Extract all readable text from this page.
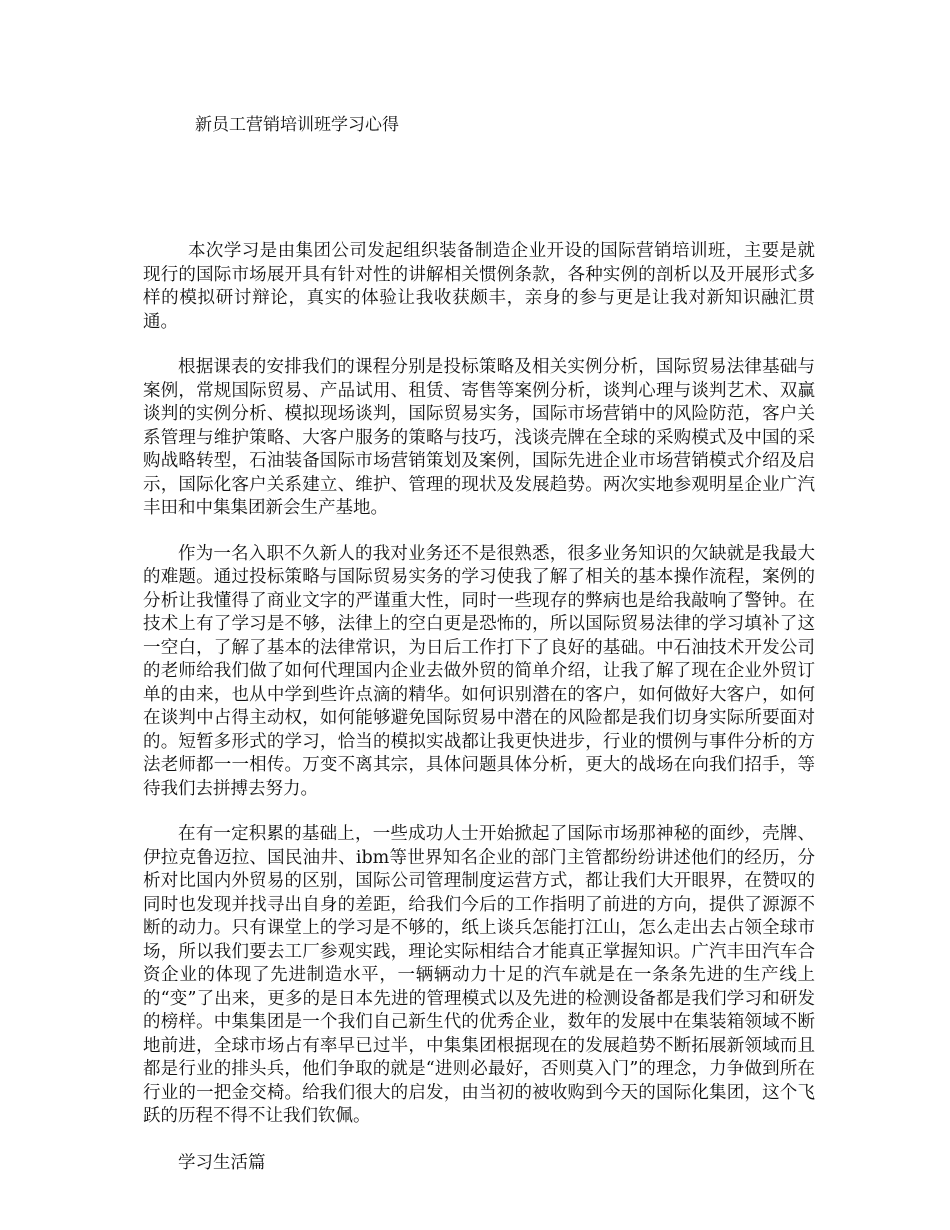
新员工营销培训班学习心得

本次学习是由集团公司发起组织装备制造企业开设的国际营销培训班，主要是就现行的国际市场展开具有针对性的讲解相关惯例条款，各种实例的剖析以及开展形式多样的模拟研讨辩论，真实的体验让我收获颇丰，亲身的参与更是让我对新知识融汇贯通。

根据课表的安排我们的课程分别是投标策略及相关实例分析，国际贸易法律基础与案例，常规国际贸易、产品试用、租赁、寄售等案例分析，谈判心理与谈判艺术、双赢谈判的实例分析、模拟现场谈判，国际贸易实务，国际市场营销中的风险防范，客户关系管理与维护策略、大客户服务的策略与技巧，浅谈壳牌在全球的采购模式及中国的采购战略转型，石油装备国际市场营销策划及案例，国际先进企业市场营销模式介绍及启示，国际化客户关系建立、维护、管理的现状及发展趋势。两次实地参观明星企业广汽丰田和中集集团新会生产基地。

作为一名入职不久新人的我对业务还不是很熟悉，很多业务知识的欠缺就是我最大的难题。通过投标策略与国际贸易实务的学习使我了解了相关的基本操作流程，案例的分析让我懂得了商业文字的严谨重大性，同时一些现存的弊病也是给我敲响了警钟。在技术上有了学习是不够，法律上的空白更是恐怖的，所以国际贸易法律的学习填补了这一空白，了解了基本的法律常识，为日后工作打下了良好的基础。中石油技术开发公司的老师给我们做了如何代理国内企业去做外贸的简单介绍，让我了解了现在企业外贸订单的由来，也从中学到些许点滴的精华。如何识别潜在的客户，如何做好大客户，如何在谈判中占得主动权，如何能够避免国际贸易中潜在的风险都是我们切身实际所要面对的。短暂多形式的学习，恰当的模拟实战都让我更快进步，行业的惯例与事件分析的方法老师都一一相传。万变不离其宗，具体问题具体分析，更大的战场在向我们招手，等待我们去拼搏去努力。

在有一定积累的基础上，一些成功人士开始掀起了国际市场那神秘的面纱，壳牌、伊拉克鲁迈拉、国民油井、ibm等世界知名企业的部门主管都纷纷讲述他们的经历，分析对比国内外贸易的区别，国际公司管理制度运营方式，都让我们大开眼界，在赞叹的同时也发现并找寻出自身的差距，给我们今后的工作指明了前进的方向，提供了源源不断的动力。只有课堂上的学习是不够的，纸上谈兵怎能打江山，怎么走出去占领全球市场，所以我们要去工厂参观实践，理论实际相结合才能真正掌握知识。广汽丰田汽车合资企业的体现了先进制造水平，一辆辆动力十足的汽车就是在一条条先进的生产线上的“变”了出来，更多的是日本先进的管理模式以及先进的检测设备都是我们学习和研发的榜样。中集集团是一个我们自己新生代的优秀企业，数年的发展中在集装箱领域不断地前进，全球市场占有率早已过半，中集集团根据现在的发展趋势不断拓展新领域而且都是行业的排头兵，他们争取的就是“进则必最好，否则莫入门”的理念，力争做到所在行业的一把金交椅。给我们很大的启发，由当初的被收购到今天的国际化集团，这个飞跃的历程不得不让我们钦佩。

学习生活篇
